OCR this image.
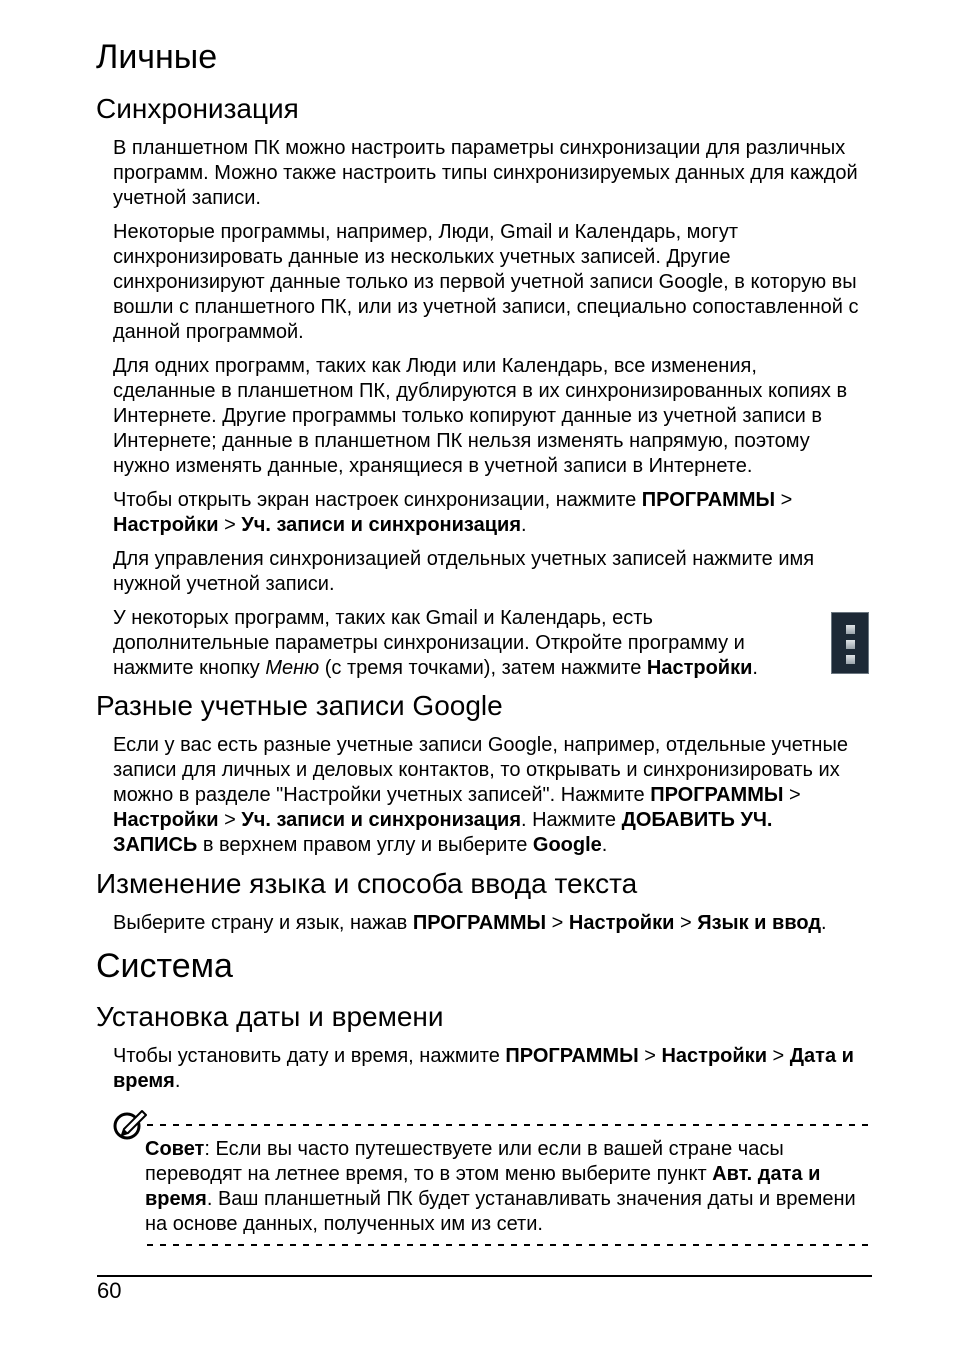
Личные
Синхронизация
В планшетном ПК можно настроить параметры синхронизации для различных
программ. Можно также настроить типы синхронизируемых данных для каждой
учетной записи.
Некоторые программы, например, Люди, Gmail и Календарь, могут
синхронизировать данные из нескольких учетных записей. Другие
синхронизируют данные только из первой учетной записи Google, в которую вы
вошли с планшетного ПК, или из учетной записи, специально сопоставленной с
данной программой.
Для одних программ, таких как Люди или Календарь, все изменения,
сделанные в планшетном ПК, дублируются в их синхронизированных копиях в
Интернете. Другие программы только копируют данные из учетной записи в
Интернете; данные в планшетном ПК нельзя изменять напрямую, поэтому
нужно изменять данные, хранящиеся в учетной записи в Интернете.
Чтобы открыть экран настроек синхронизации, нажмите ПРОГРАММЫ >
Настройки > Уч. записи и синхронизация.
Для управления синхронизацией отдельных учетных записей нажмите имя
нужной учетной записи.
У некоторых программ, таких как Gmail и Календарь, есть
дополнительные параметры синхронизации. Откройте программу и
нажмите кнопку Меню (с тремя точками), затем нажмите Настройки.
Разные учетные записи Google
Если у вас есть разные учетные записи Google, например, отдельные учетные
записи для личных и деловых контактов, то открывать и синхронизировать их
можно в разделе "Настройки учетных записей". Нажмите ПРОГРАММЫ >
Настройки > Уч. записи и синхронизация. Нажмите ДОБАВИТЬ УЧ.
ЗАПИСЬ в верхнем правом углу и выберите Google.
Изменение языка и способа ввода текста
Выберите страну и язык, нажав ПРОГРАММЫ > Настройки > Язык и ввод.
Система
Установка даты и времени
Чтобы установить дату и время, нажмите ПРОГРАММЫ > Настройки > Дата и
время.
Совет: Если вы часто путешествуете или если в вашей стране часы
переводят на летнее время, то в этом меню выберите пункт Авт. дата и
время. Ваш планшетный ПК будет устанавливать значения даты и времени
на основе данных, полученных им из сети.
60
